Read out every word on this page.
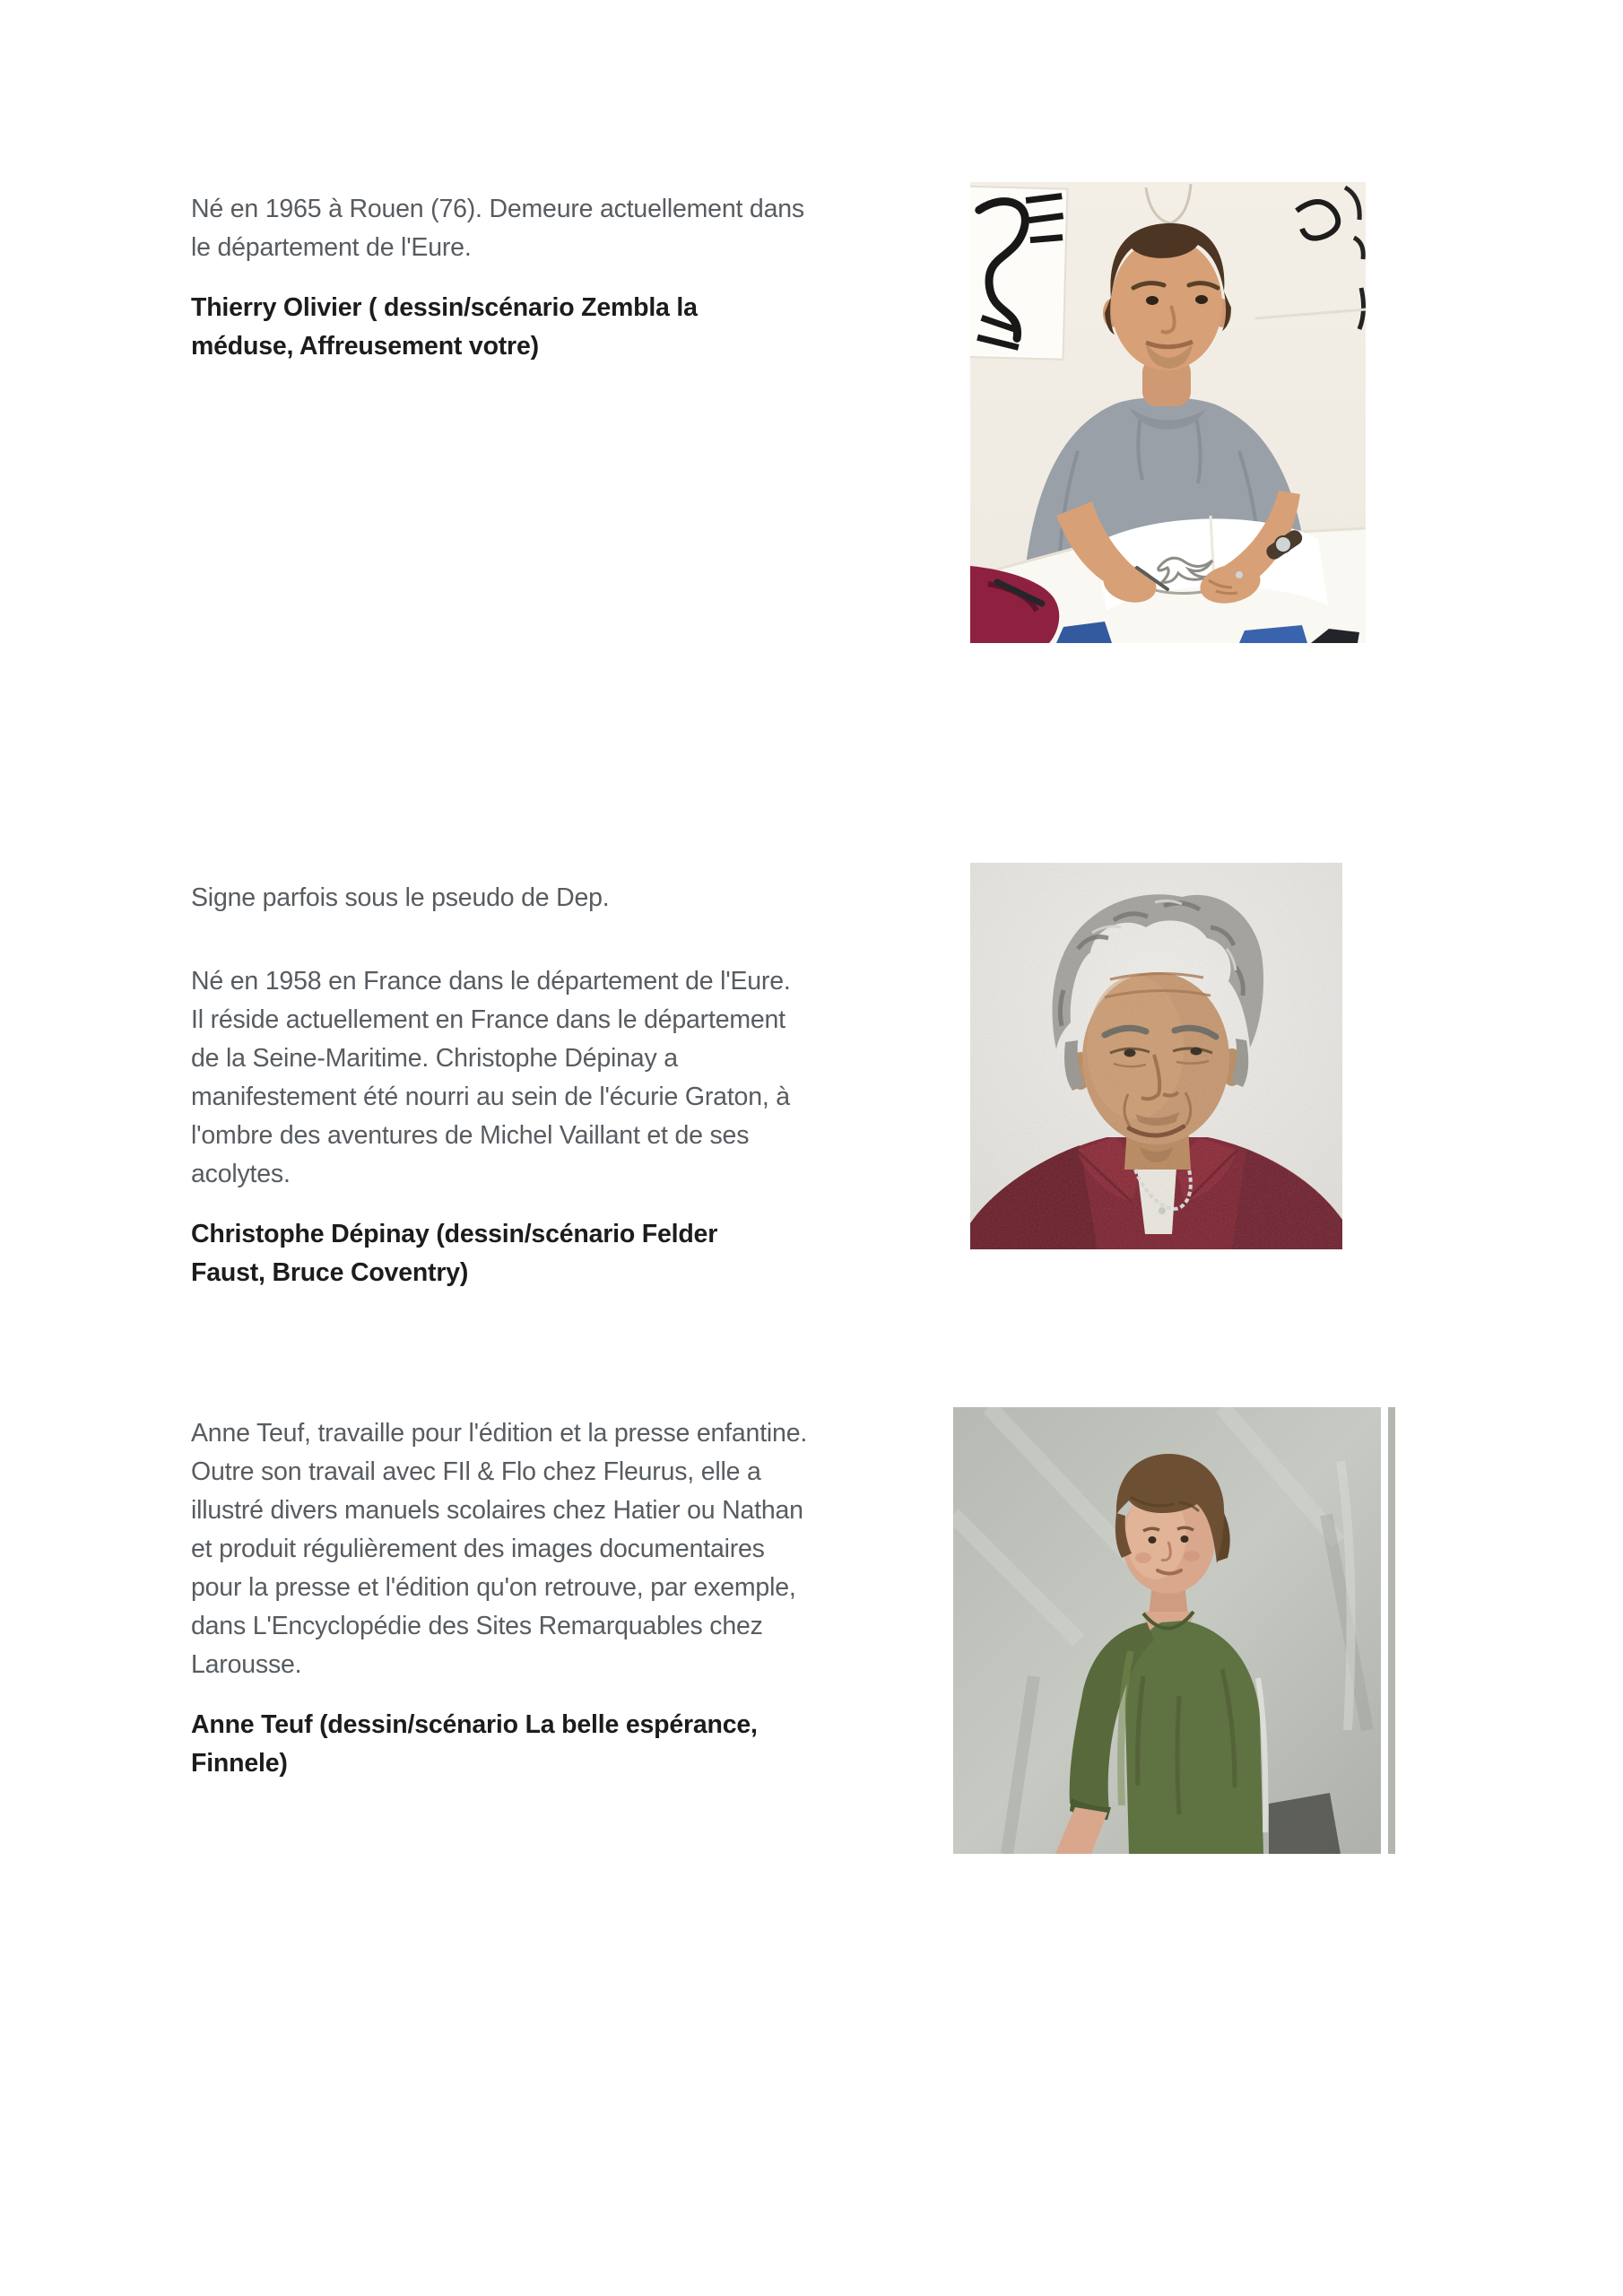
Né en 1965 à Rouen (76). Demeure actuellement dans le département de l'Eure.

Thierry Olivier ( dessin/scénario Zembla la méduse, Affreusement votre)

Signe parfois sous le pseudo de Dep.

Né en 1958 en France dans le département de l'Eure. Il réside actuellement en France dans le département de la Seine-Maritime. Christophe Dépinay a manifestement été nourri au sein de l'écurie Graton, à l'ombre des aventures de Michel Vaillant et de ses acolytes.

Christophe Dépinay (dessin/scénario Felder Faust, Bruce Coventry)

Anne Teuf, travaille pour l'édition et la presse enfantine. Outre son travail avec FIl & Flo chez Fleurus, elle a illustré divers manuels scolaires chez Hatier ou Nathan et produit régulièrement des images documentaires pour la presse et l'édition qu'on retrouve, par exemple, dans L'Encyclopédie des Sites Remarquables chez Larousse.

Anne Teuf (dessin/scénario La belle espérance, Finnele)
